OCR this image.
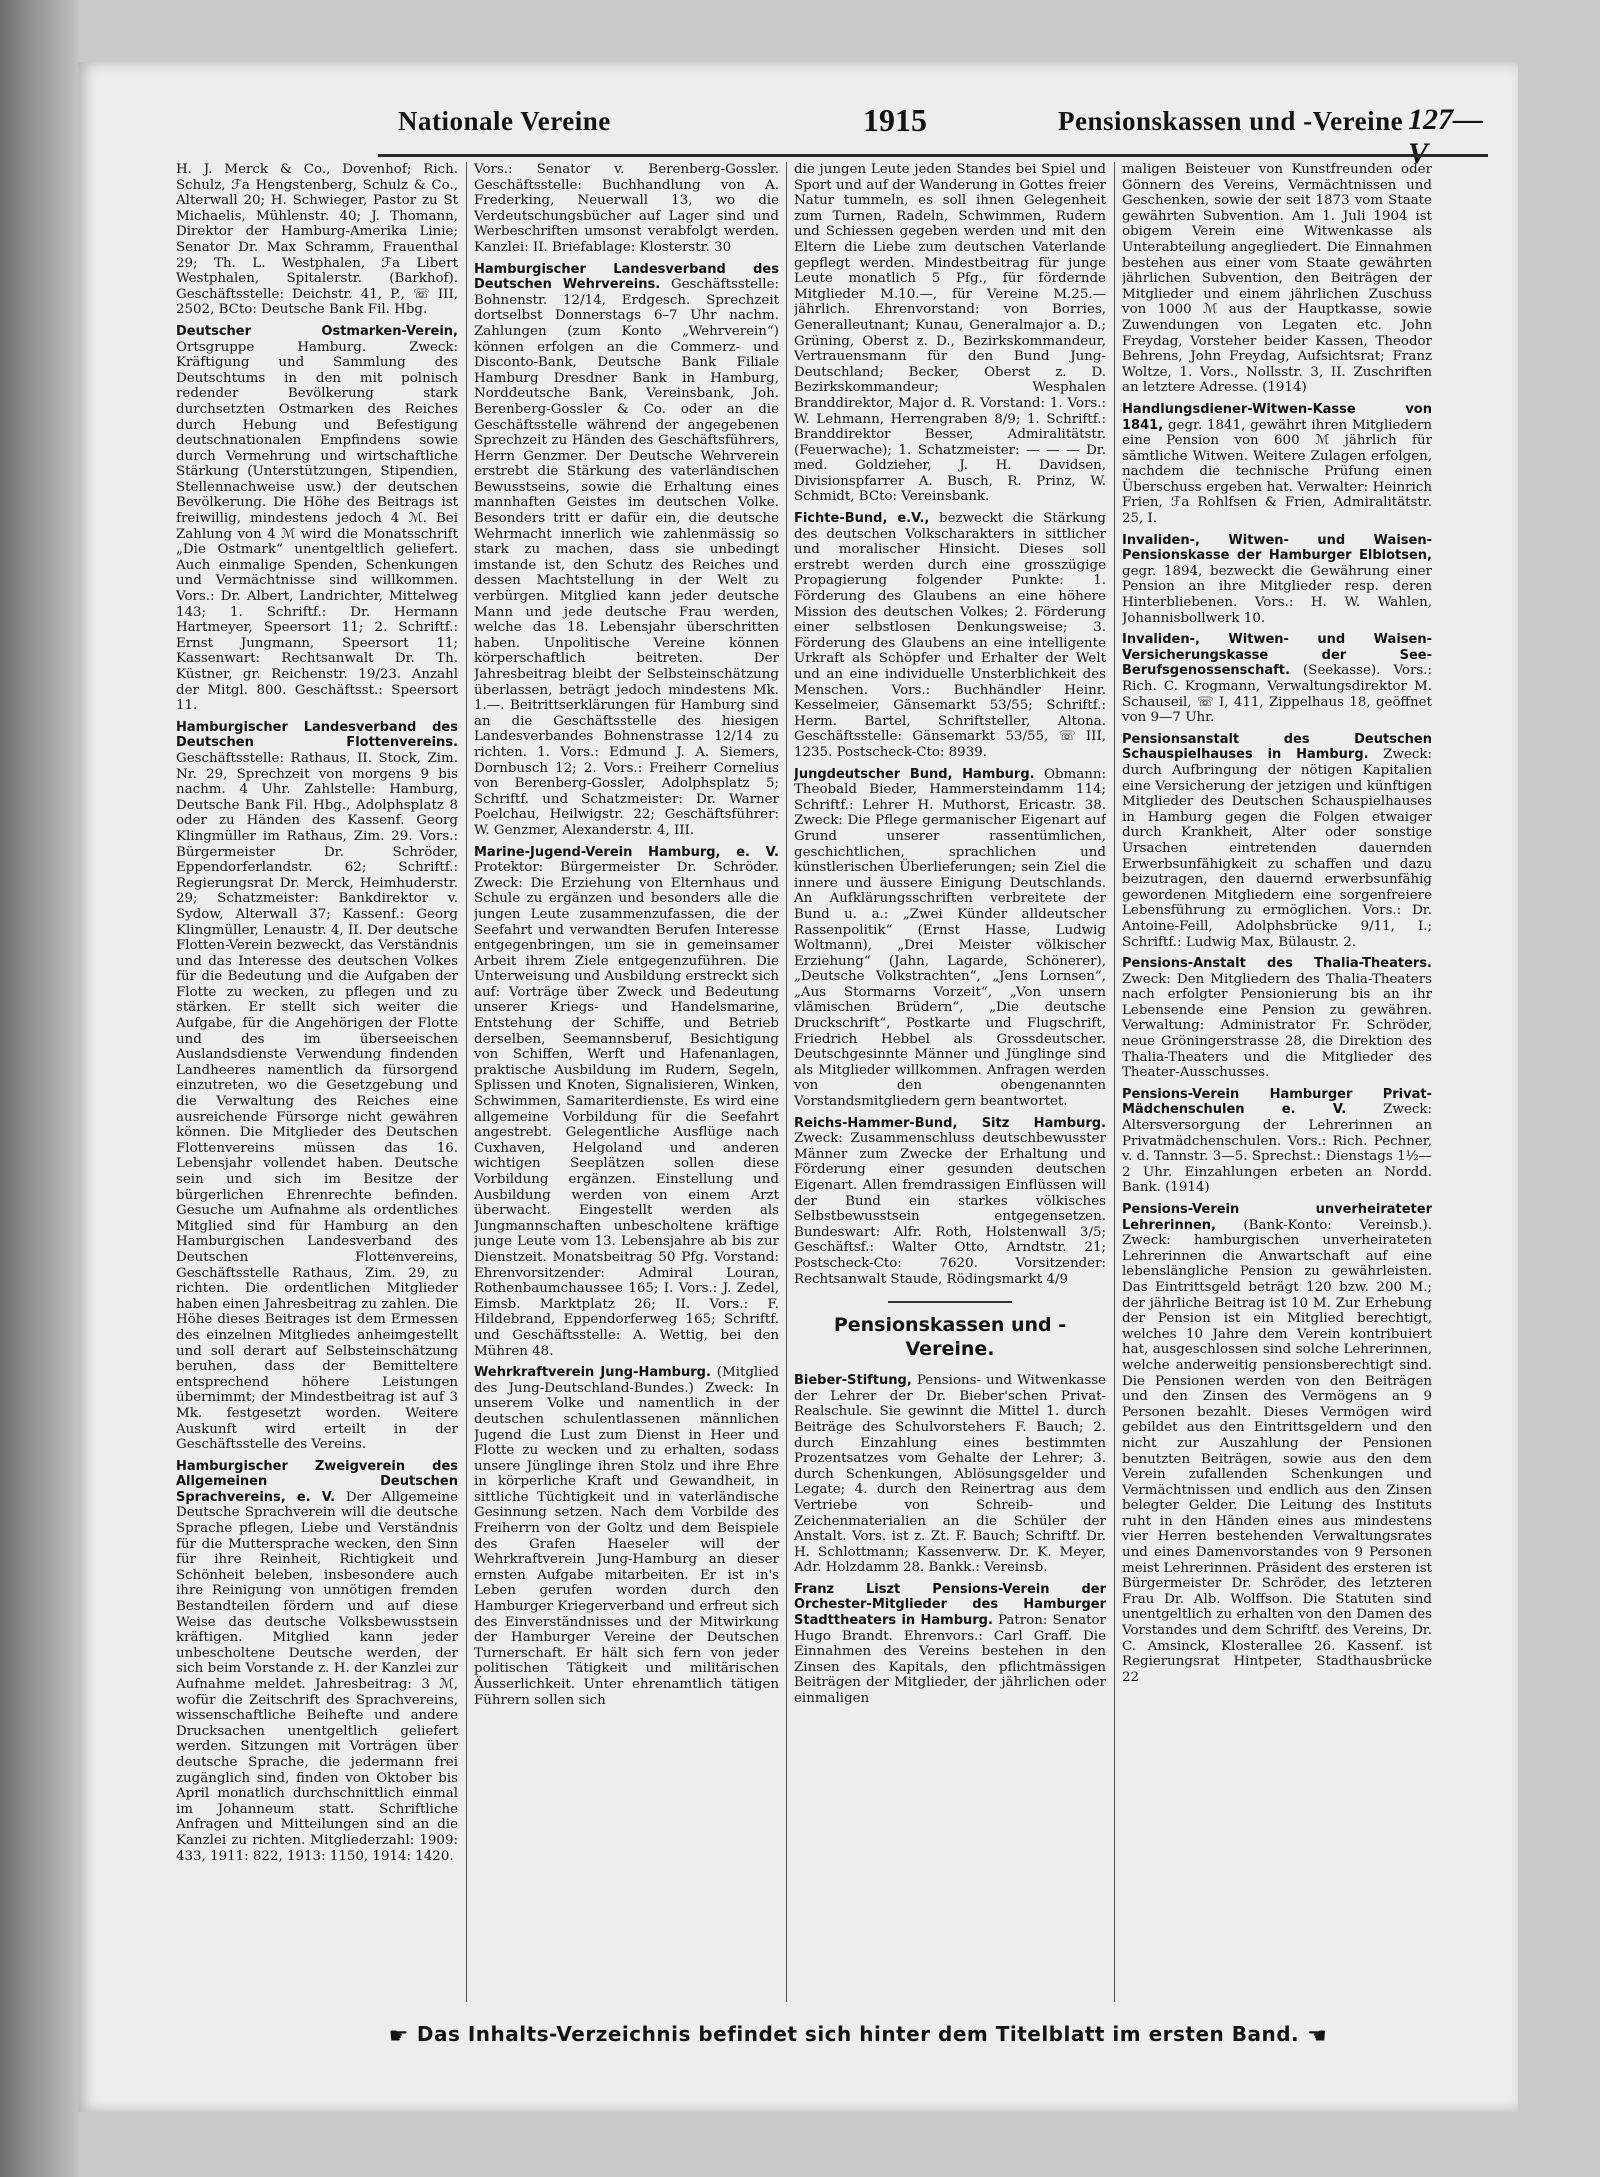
Nationale Vereine	1915	Pensionskassen und -Vereine 127—V

H. J. Merck & Co., Dovenhof; Rich. Schulz, ℱa Hengstenberg, Schulz & Co., Alterwall 20; H. Schwieger, Pastor zu St Michaelis, Mühlenstr. 40; J. Thomann, Direktor der Hamburg-Amerika Linie; Senator Dr. Max Schramm, Frauenthal 29; Th. L. Westphalen, ℱa Libert Westphalen, Spitalerstr. (Barkhof). Geschäftsstelle: Deichstr. 41, P., ☏ III, 2502, BCto: Deutsche Bank Fil. Hbg.

Deutscher Ostmarken-Verein, Ortsgruppe Hamburg. Zweck: Kräftigung und Sammlung des Deutschtums in den mit polnisch redender Bevölkerung stark durchsetzten Ostmarken des Reiches durch Hebung und Befestigung deutschnationalen Empfindens sowie durch Vermehrung und wirtschaftliche Stärkung (Unterstützungen, Stipendien, Stellennachweise usw.) der deutschen Bevölkerung. Die Höhe des Beitrags ist freiwillig, mindestens jedoch 4 ℳ. Bei Zahlung von 4 ℳ wird die Monatsschrift „Die Ostmark“ unentgeltlich geliefert. Auch einmalige Spenden, Schenkungen und Vermächtnisse sind willkommen. Vors.: Dr. Albert, Landrichter, Mittelweg 143; 1. Schriftf.: Dr. Hermann Hartmeyer, Speersort 11; 2. Schriftf.: Ernst Jungmann, Speersort 11; Kassenwart: Rechtsanwalt Dr. Th. Küstner, gr. Reichenstr. 19/23. Anzahl der Mitgl. 800. Geschäftsst.: Speersort 11.

Hamburgischer Landesverband des Deutschen Flottenvereins. Geschäftsstelle: Rathaus, II. Stock, Zim. Nr. 29, Sprechzeit von morgens 9 bis nachm. 4 Uhr. Zahlstelle: Hamburg, Deutsche Bank Fil. Hbg., Adolphsplatz 8 oder zu Händen des Kassenf. Georg Klingmüller im Rathaus, Zim. 29. Vors.: Bürgermeister Dr. Schröder, Eppendorferlandstr. 62; Schriftf.: Regierungsrat Dr. Merck, Heimhuderstr. 29; Schatzmeister: Bankdirektor v. Sydow, Alterwall 37; Kassenf.: Georg Klingmüller, Lenaustr. 4, II. Der deutsche Flotten-Verein bezweckt, das Verständnis und das Interesse des deutschen Volkes für die Bedeutung und die Aufgaben der Flotte zu wecken, zu pflegen und zu stärken. Er stellt sich weiter die Aufgabe, für die Angehörigen der Flotte und des im überseeischen Auslandsdienste Verwendung findenden Landheeres namentlich da fürsorgend einzutreten, wo die Gesetzgebung und die Verwaltung des Reiches eine ausreichende Fürsorge nicht gewähren können. Die Mitglieder des Deutschen Flottenvereins müssen das 16. Lebensjahr vollendet haben. Deutsche sein und sich im Besitze der bürgerlichen Ehrenrechte befinden. Gesuche um Aufnahme als ordentliches Mitglied sind für Hamburg an den Hamburgischen Landesverband des Deutschen Flottenvereins, Geschäftsstelle Rathaus, Zim. 29, zu richten. Die ordentlichen Mitglieder haben einen Jahresbeitrag zu zahlen. Die Höhe dieses Beitrages ist dem Ermessen des einzelnen Mitgliedes anheimgestellt und soll derart auf Selbsteinschätzung beruhen, dass der Bemitteltere entsprechend höhere Leistungen übernimmt; der Mindestbeitrag ist auf 3 Mk. festgesetzt worden. Weitere Auskunft wird erteilt in der Geschäftsstelle des Vereins.

Hamburgischer Zweigverein des Allgemeinen Deutschen Sprachvereins, e. V. Der Allgemeine Deutsche Sprachverein will die deutsche Sprache pflegen, Liebe und Verständnis für die Muttersprache wecken, den Sinn für ihre Reinheit, Richtigkeit und Schönheit beleben, insbesondere auch ihre Reinigung von unnötigen fremden Bestandteilen fördern und auf diese Weise das deutsche Volksbewusstsein kräftigen. Mitglied kann jeder unbescholtene Deutsche werden, der sich beim Vorstande z. H. der Kanzlei zur Aufnahme meldet. Jahresbeitrag: 3 ℳ, wofür die Zeitschrift des Sprachvereins, wissenschaftliche Beihefte und andere Drucksachen unentgeltlich geliefert werden. Sitzungen mit Vorträgen über deutsche Sprache, die jedermann frei zugänglich sind, finden von Oktober bis April monatlich durchschnittlich einmal im Johanneum statt. Schriftliche Anfragen und Mitteilungen sind an die Kanzlei zu richten. Mitgliederzahl: 1909: 433, 1911: 822, 1913: 1150, 1914: 1420.

Vors.: Senator v. Berenberg-Gossler. Geschäftsstelle: Buchhandlung von A. Frederking, Neuerwall 13, wo die Verdeutschungsbücher auf Lager sind und Werbeschriften umsonst verabfolgt werden. Kanzlei: II. Briefablage: Klosterstr. 30

Hamburgischer Landesverband des Deutschen Wehrvereins. Geschäftsstelle: Bohnenstr. 12/14, Erdgesch. Sprechzeit dortselbst Donnerstags 6–7 Uhr nachm. Zahlungen (zum Konto „Wehrverein“) können erfolgen an die Commerz- und Disconto-Bank, Deutsche Bank Filiale Hamburg Dresdner Bank in Hamburg, Norddeutsche Bank, Vereinsbank, Joh. Berenberg-Gossler & Co. oder an die Geschäftsstelle während der angegebenen Sprechzeit zu Händen des Geschäftsführers, Herrn Genzmer. Der Deutsche Wehrverein erstrebt die Stärkung des vaterländischen Bewusstseins, sowie die Erhaltung eines mannhaften Geistes im deutschen Volke. Besonders tritt er dafür ein, die deutsche Wehrmacht innerlich wie zahlenmässig so stark zu machen, dass sie unbedingt imstande ist, den Schutz des Reiches und dessen Machtstellung in der Welt zu verbürgen. Mitglied kann jeder deutsche Mann und jede deutsche Frau werden, welche das 18. Lebensjahr überschritten haben. Unpolitische Vereine können körperschaftlich beitreten. Der Jahresbeitrag bleibt der Selbsteinschätzung überlassen, beträgt jedoch mindestens Mk. 1.—. Beitrittserklärungen für Hamburg sind an die Geschäftsstelle des hiesigen Landesverbandes Bohnenstrasse 12/14 zu richten. 1. Vors.: Edmund J. A. Siemers, Dornbusch 12; 2. Vors.: Freiherr Cornelius von Berenberg-Gossler, Adolphsplatz 5; Schriftf. und Schatzmeister: Dr. Warner Poelchau, Heilwigstr. 22; Geschäftsführer: W. Genzmer, Alexanderstr. 4, III.

Marine-Jugend-Verein Hamburg, e. V. Protektor: Bürgermeister Dr. Schröder. Zweck: Die Erziehung von Elternhaus und Schule zu ergänzen und besonders alle die jungen Leute zusammenzufassen, die der Seefahrt und verwandten Berufen Interesse entgegenbringen, um sie in gemeinsamer Arbeit ihrem Ziele entgegenzuführen. Die Unterweisung und Ausbildung erstreckt sich auf: Vorträge über Zweck und Bedeutung unserer Kriegs- und Handelsmarine, Entstehung der Schiffe, und Betrieb derselben, Seemannsberuf, Besichtigung von Schiffen, Werft und Hafenanlagen, praktische Ausbildung im Rudern, Segeln, Splissen und Knoten, Signalisieren, Winken, Schwimmen, Samariterdienste. Es wird eine allgemeine Vorbildung für die Seefahrt angestrebt. Gelegentliche Ausflüge nach Cuxhaven, Helgoland und anderen wichtigen Seeplätzen sollen diese Vorbildung ergänzen. Einstellung und Ausbildung werden von einem Arzt überwacht. Eingestellt werden als Jungmannschaften unbescholtene kräftige junge Leute vom 13. Lebensjahre ab bis zur Dienstzeit. Monatsbeitrag 50 Pfg. Vorstand: Ehrenvorsitzender: Admiral Louran, Rothenbaumchaussee 165; I. Vors.: J. Zedel, Eimsb. Marktplatz 26; II. Vors.: F. Hildebrand, Eppendorferweg 165; Schriftf. und Geschäftsstelle: A. Wettig, bei den Mühren 48.

Wehrkraftverein Jung-Hamburg. (Mitglied des Jung-Deutschland-Bundes.) Zweck: In unserem Volke und namentlich in der deutschen schulentlassenen männlichen Jugend die Lust zum Dienst in Heer und Flotte zu wecken und zu erhalten, sodass unsere Jünglinge ihren Stolz und ihre Ehre in körperliche Kraft und Gewandheit, in sittliche Tüchtigkeit und in vaterländische Gesinnung setzen. Nach dem Vorbilde des Freiherrn von der Goltz und dem Beispiele des Grafen Haeseler will der Wehrkraftverein Jung-Hamburg an dieser ernsten Aufgabe mitarbeiten. Er ist in's Leben gerufen worden durch den Hamburger Kriegerverband und erfreut sich des Einverständnisses und der Mitwirkung der Hamburger Vereine der Deutschen Turnerschaft. Er hält sich fern von jeder politischen Tätigkeit und militärischen Äusserlichkeit. Unter ehrenamtlich tätigen Führern sollen sich

die jungen Leute jeden Standes bei Spiel und Sport und auf der Wanderung in Gottes freier Natur tummeln, es soll ihnen Gelegenheit zum Turnen, Radeln, Schwimmen, Rudern und Schiessen gegeben werden und mit den Eltern die Liebe zum deutschen Vaterlande gepflegt werden. Mindestbeitrag für junge Leute monatlich 5 Pfg., für fördernde Mitglieder M.10.—, für Vereine M.25.— jährlich. Ehrenvorstand: von Borries, Generalleutnant; Kunau, Generalmajor a. D.; Grüning, Oberst z. D., Bezirkskommandeur, Vertrauensmann für den Bund Jung-Deutschland; Becker, Oberst z. D. Bezirkskommandeur; Wesphalen Branddirektor, Major d. R. Vorstand: 1. Vors.: W. Lehmann, Herrengraben 8/9; 1. Schriftf.: Branddirektor Besser, Admiralitätstr. (Feuerwache); 1. Schatzmeister: — — — Dr. med. Goldzieher, J. H. Davidsen, Divisionspfarrer A. Busch, R. Prinz, W. Schmidt, BCto: Vereinsbank.

Fichte-Bund, e.V., bezweckt die Stärkung des deutschen Volkscharakters in sittlicher und moralischer Hinsicht. Dieses soll erstrebt werden durch eine grosszügige Propagierung folgender Punkte: 1. Förderung des Glaubens an eine höhere Mission des deutschen Volkes; 2. Förderung einer selbstlosen Denkungsweise; 3. Förderung des Glaubens an eine intelligente Urkraft als Schöpfer und Erhalter der Welt und an eine individuelle Unsterblichkeit des Menschen. Vors.: Buchhändler Heinr. Kesselmeier, Gänsemarkt 53/55; Schriftf.: Herm. Bartel, Schriftsteller, Altona. Geschäftsstelle: Gänsemarkt 53/55, ☏ III, 1235. Postscheck-Cto: 8939.

Jungdeutscher Bund, Hamburg. Obmann: Theobald Bieder, Hammersteindamm 114; Schriftf.: Lehrer H. Muthorst, Ericastr. 38. Zweck: Die Pflege germanischer Eigenart auf Grund unserer rassentümlichen, geschichtlichen, sprachlichen und künstlerischen Überlieferungen; sein Ziel die innere und äussere Einigung Deutschlands. An Aufklärungsschriften verbreitete der Bund u. a.: „Zwei Künder alldeutscher Rassenpolitik“ (Ernst Hasse, Ludwig Woltmann), „Drei Meister völkischer Erziehung“ (Jahn, Lagarde, Schönerer), „Deutsche Volkstrachten“, „Jens Lornsen“, „Aus Stormarns Vorzeit“, „Von unsern vlämischen Brüdern“, „Die deutsche Druckschrift“, Postkarte und Flugschrift, Friedrich Hebbel als Grossdeutscher. Deutschgesinnte Männer und Jünglinge sind als Mitglieder willkommen. Anfragen werden von den obengenannten Vorstandsmitgliedern gern beantwortet.

Reichs-Hammer-Bund, Sitz Hamburg. Zweck: Zusammenschluss deutschbewusster Männer zum Zwecke der Erhaltung und Förderung einer gesunden deutschen Eigenart. Allen fremdrassigen Einflüssen will der Bund ein starkes völkisches Selbstbewusstsein entgegensetzen. Bundeswart: Alfr. Roth, Holstenwall 3/5; Geschäftsf.: Walter Otto, Arndtstr. 21; Postscheck-Cto: 7620. Vorsitzender: Rechtsanwalt Staude, Rödingsmarkt 4/9

Pensionskassen und -Vereine.

Bieber-Stiftung, Pensions- und Witwenkasse der Lehrer der Dr. Bieber'schen Privat-Realschule. Sie gewinnt die Mittel 1. durch Beiträge des Schulvorstehers F. Bauch; 2. durch Einzahlung eines bestimmten Prozentsatzes vom Gehalte der Lehrer; 3. durch Schenkungen, Ablösungsgelder und Legate; 4. durch den Reinertrag aus dem Vertriebe von Schreib- und Zeichenmaterialien an die Schüler der Anstalt. Vors. ist z. Zt. F. Bauch; Schriftf. Dr. H. Schlottmann; Kassenverw. Dr. K. Meyer, Adr. Holzdamm 28. Bankk.: Vereinsb.

Franz Liszt Pensions-Verein der Orchester-Mitglieder des Hamburger Stadttheaters in Hamburg. Patron: Senator Hugo Brandt. Ehrenvors.: Carl Graff. Die Einnahmen des Vereins bestehen in den Zinsen des Kapitals, den pflichtmässigen Beiträgen der Mitglieder, der jährlichen oder einmaligen

maligen Beisteuer von Kunstfreunden oder Gönnern des Vereins, Vermächtnissen und Geschenken, sowie der seit 1873 vom Staate gewährten Subvention. Am 1. Juli 1904 ist obigem Verein eine Witwenkasse als Unterabteilung angegliedert. Die Einnahmen bestehen aus einer vom Staate gewährten jährlichen Subvention, den Beiträgen der Mitglieder und einem jährlichen Zuschuss von 1000 ℳ aus der Hauptkasse, sowie Zuwendungen von Legaten etc. John Freydag, Vorsteher beider Kassen, Theodor Behrens, John Freydag, Aufsichtsrat; Franz Woltze, 1. Vors., Nollsstr. 3, II. Zuschriften an letztere Adresse. (1914)

Handlungsdiener-Witwen-Kasse von 1841, gegr. 1841, gewährt ihren Mitgliedern eine Pension von 600 ℳ jährlich für sämtliche Witwen. Weitere Zulagen erfolgen, nachdem die technische Prüfung einen Überschuss ergeben hat. Verwalter: Heinrich Frien, ℱa Rohlfsen & Frien, Admiralitätstr. 25, I.

Invaliden-, Witwen- und Waisen-Pensionskasse der Hamburger Elblotsen, gegr. 1894, bezweckt die Gewährung einer Pension an ihre Mitglieder resp. deren Hinterbliebenen. Vors.: H. W. Wahlen, Johannisbollwerk 10.

Invaliden-, Witwen- und Waisen-Versicherungskasse der See-Berufsgenossenschaft. (Seekasse). Vors.: Rich. C. Krogmann, Verwaltungsdirektor M. Schauseil, ☏ I, 411, Zippelhaus 18, geöffnet von 9—7 Uhr.

Pensionsanstalt des Deutschen Schauspielhauses in Hamburg. Zweck: durch Aufbringung der nötigen Kapitalien eine Versicherung der jetzigen und künftigen Mitglieder des Deutschen Schauspielhauses in Hamburg gegen die Folgen etwaiger durch Krankheit, Alter oder sonstige Ursachen eintretenden dauernden Erwerbsunfähigkeit zu schaffen und dazu beizutragen, den dauernd erwerbsunfähig gewordenen Mitgliedern eine sorgenfreiere Lebensführung zu ermöglichen. Vors.: Dr. Antoine-Feill, Adolphsbrücke 9/11, I.; Schriftf.: Ludwig Max, Bülaustr. 2.

Pensions-Anstalt des Thalia-Theaters. Zweck: Den Mitgliedern des Thalia-Theaters nach erfolgter Pensionierung bis an ihr Lebensende eine Pension zu gewähren. Verwaltung: Administrator Fr. Schröder, neue Gröningerstrasse 28, die Direktion des Thalia-Theaters und die Mitglieder des Theater-Ausschusses.

Pensions-Verein Hamburger Privat-Mädchenschulen e. V. Zweck: Altersversorgung der Lehrerinnen an Privatmädchenschulen. Vors.: Rich. Pechner, v. d. Tannstr. 3—5. Sprechst.: Dienstags 1½—2 Uhr. Einzahlungen erbeten an Nordd. Bank. (1914)

Pensions-Verein unverheirateter Lehrerinnen, (Bank-Konto: Vereinsb.). Zweck: hamburgischen unverheirateten Lehrerinnen die Anwartschaft auf eine lebenslängliche Pension zu gewährleisten. Das Eintrittsgeld beträgt 120 bzw. 200 M.; der jährliche Beitrag ist 10 M. Zur Erhebung der Pension ist ein Mitglied berechtigt, welches 10 Jahre dem Verein kontribuiert hat, ausgeschlossen sind solche Lehrerinnen, welche anderweitig pensionsberechtigt sind. Die Pensionen werden von den Beiträgen und den Zinsen des Vermögens an 9 Personen bezahlt. Dieses Vermögen wird gebildet aus den Eintrittsgeldern und den nicht zur Auszahlung der Pensionen benutzten Beiträgen, sowie aus den dem Verein zufallenden Schenkungen und Vermächtnissen und endlich aus den Zinsen belegter Gelder. Die Leitung des Instituts ruht in den Händen eines aus mindestens vier Herren bestehenden Verwaltungsrates und eines Damenvorstandes von 9 Personen meist Lehrerinnen. Präsident des ersteren ist Bürgermeister Dr. Schröder, des letzteren Frau Dr. Alb. Wolffson. Die Statuten sind unentgeltlich zu erhalten von den Damen des Vorstandes und dem Schriftf. des Vereins, Dr. C. Amsinck, Klosterallee 26. Kassenf. ist Regierungsrat Hintpeter, Stadthausbrücke 22

☛ Das Inhalts-Verzeichnis befindet sich hinter dem Titelblatt im ersten Band. ☚
